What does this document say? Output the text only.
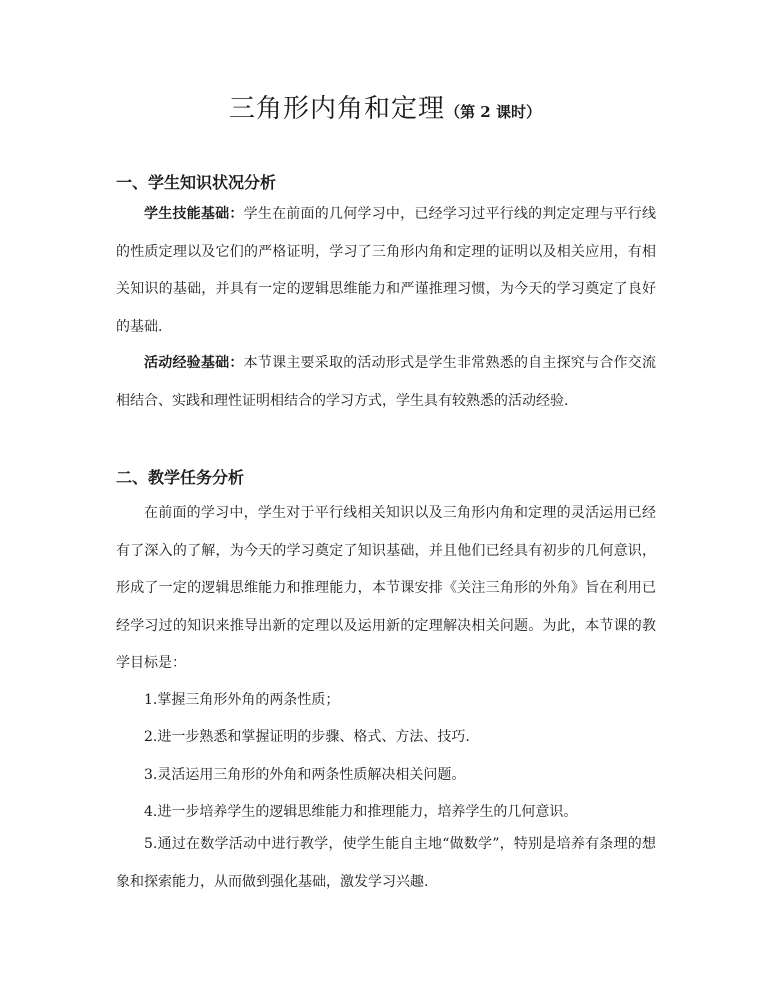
三角形内角和定理（第 2 课时）
一、学生知识状况分析
学生技能基础：学生在前面的几何学习中，已经学习过平行线的判定定理与平行线的性质定理以及它们的严格证明，学习了三角形内角和定理的证明以及相关应用，有相关知识的基础，并具有一定的逻辑思维能力和严谨推理习惯，为今天的学习奠定了良好的基础.
活动经验基础：本节课主要采取的活动形式是学生非常熟悉的自主探究与合作交流相结合、实践和理性证明相结合的学习方式，学生具有较熟悉的活动经验.
二、教学任务分析
在前面的学习中，学生对于平行线相关知识以及三角形内角和定理的灵活运用已经有了深入的了解，为今天的学习奠定了知识基础，并且他们已经具有初步的几何意识，形成了一定的逻辑思维能力和推理能力，本节课安排《关注三角形的外角》旨在利用已经学习过的知识来推导出新的定理以及运用新的定理解决相关问题。为此，本节课的教学目标是：
1.掌握三角形外角的两条性质；
2.进一步熟悉和掌握证明的步骤、格式、方法、技巧.
3.灵活运用三角形的外角和两条性质解决相关问题。
4.进一步培养学生的逻辑思维能力和推理能力，培养学生的几何意识。
5.通过在数学活动中进行教学，使学生能自主地“做数学”，特别是培养有条理的想象和探索能力，从而做到强化基础，激发学习兴趣.
